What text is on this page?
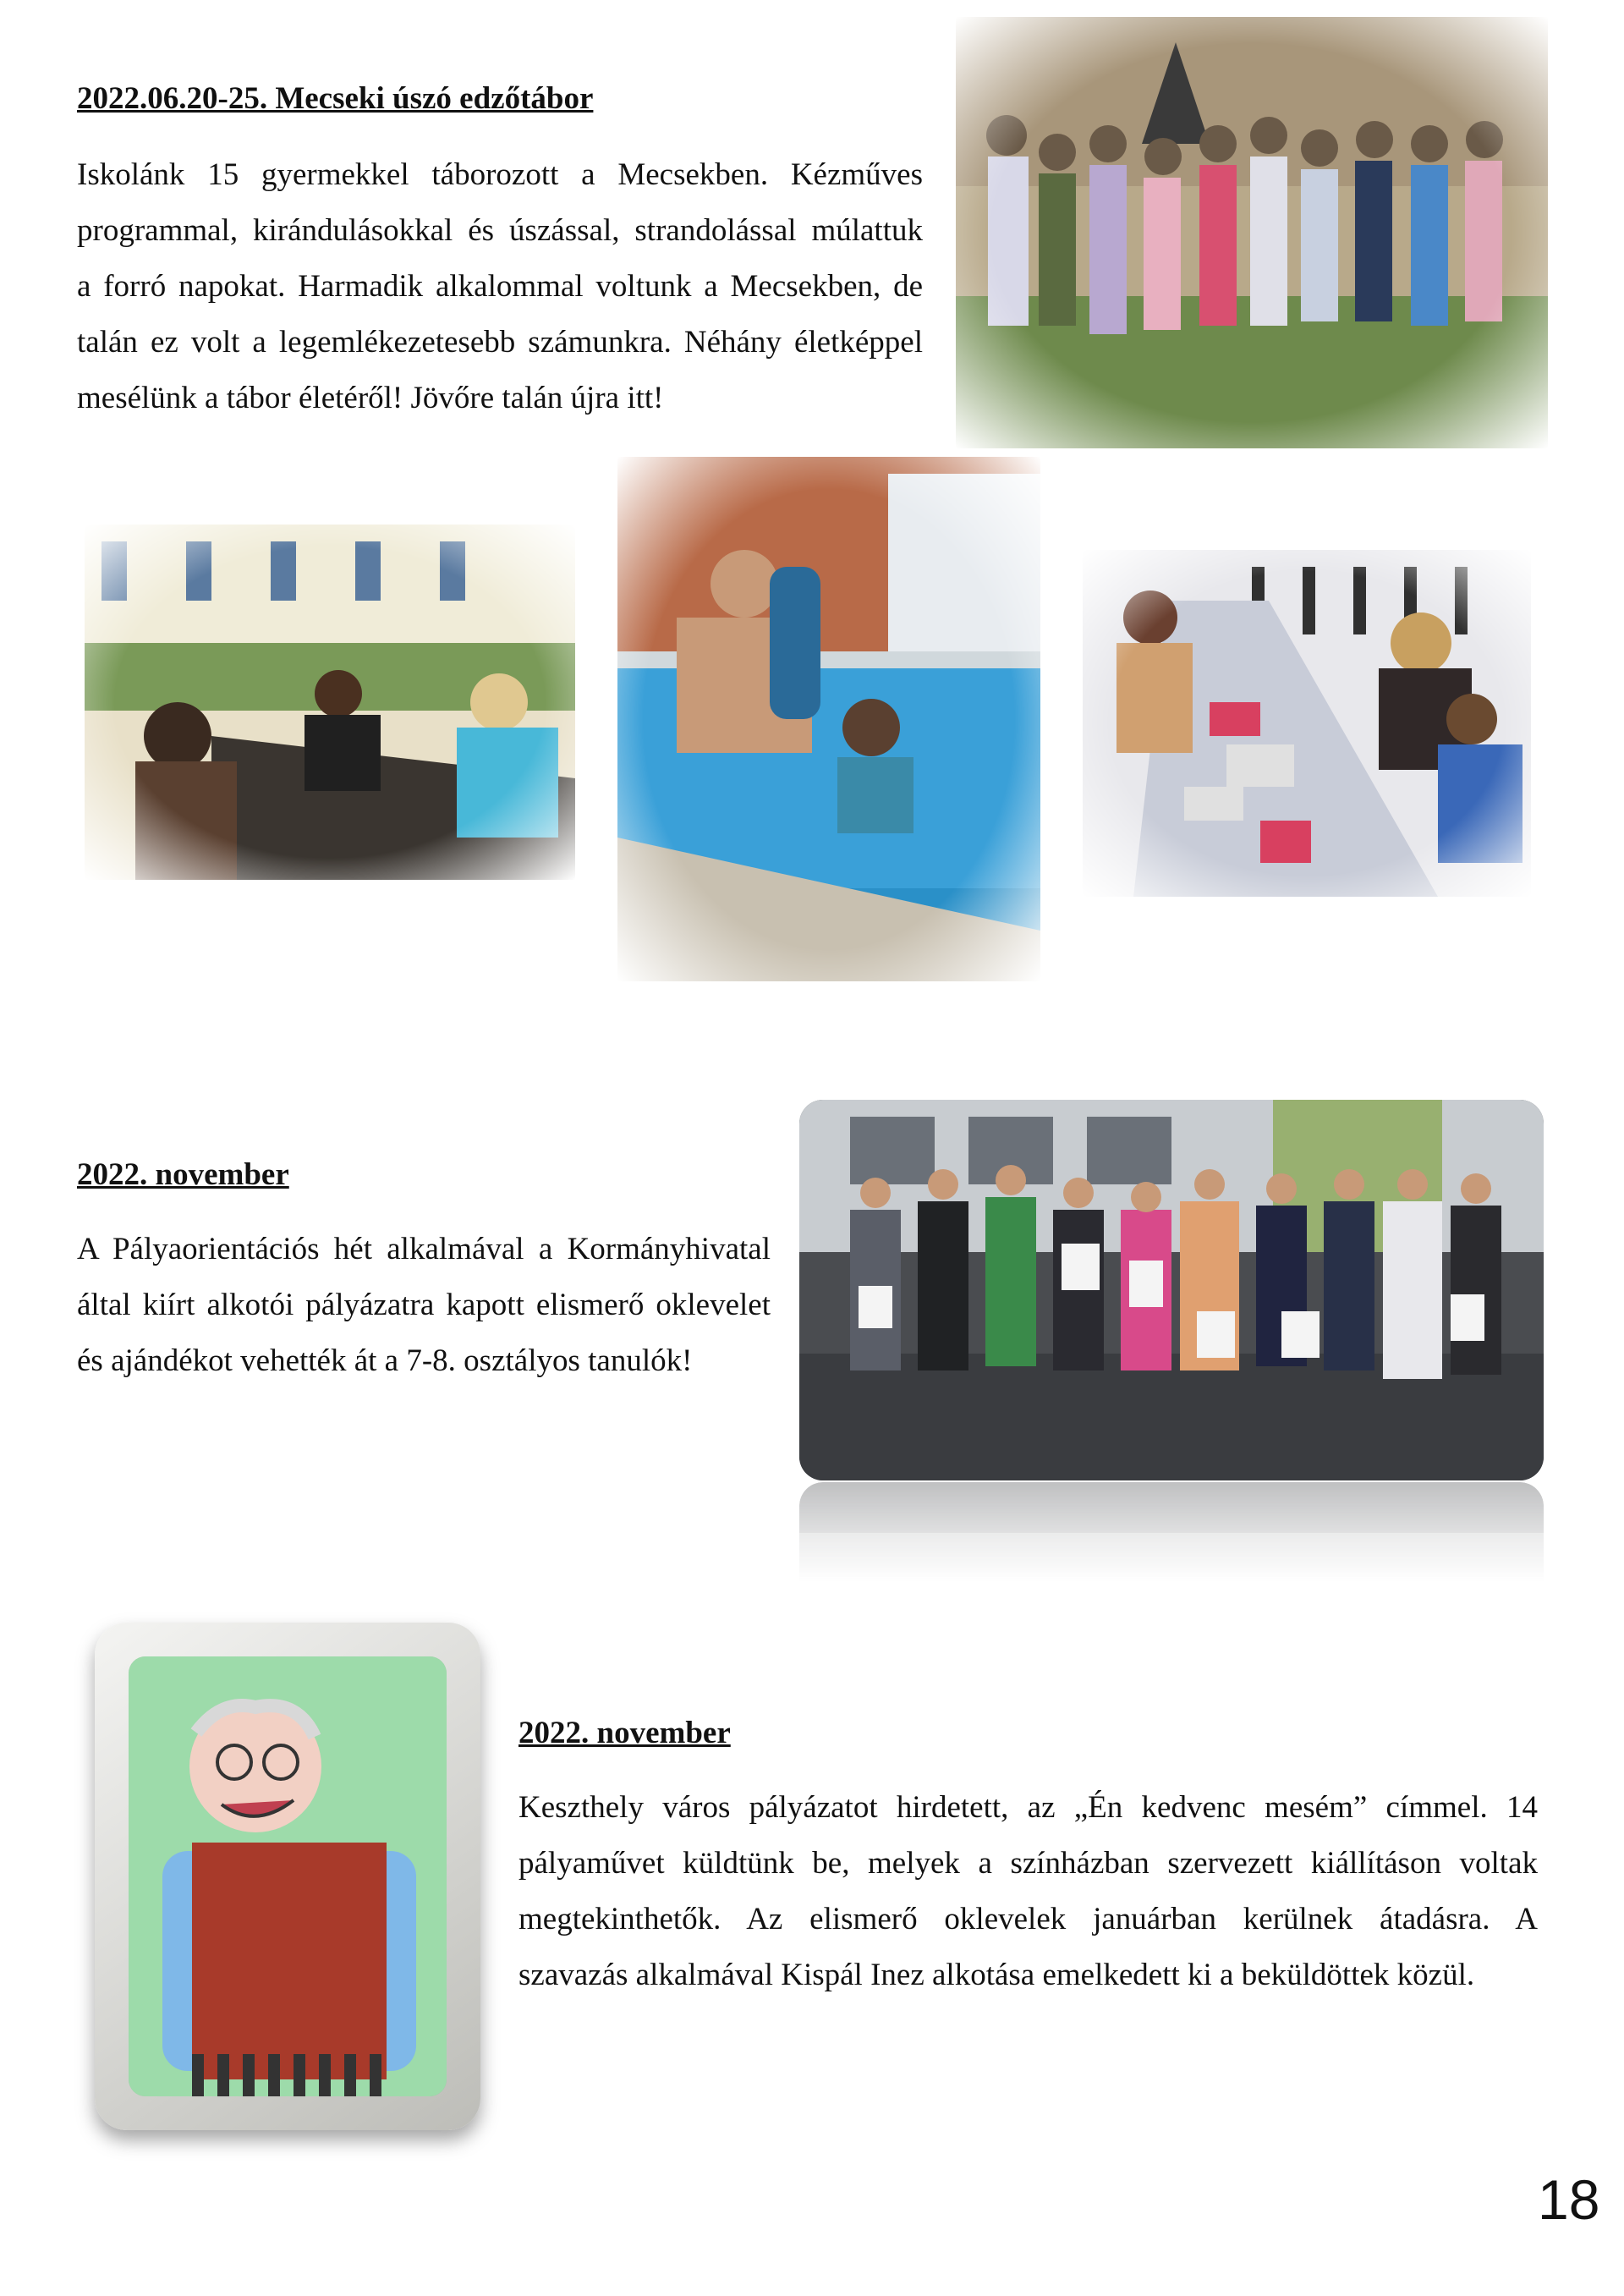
2022.06.20-25. Mecseki úszó edzőtábor
Iskolánk 15 gyermekkel táborozott a Mecsekben. Kézműves
programmal, kirándulásokkal és úszással, strandolással múlattuk
a forró napokat. Harmadik alkalommal voltunk a Mecsekben, de
talán ez volt a legemlékezetesebb számunkra. Néhány életképpel
mesélünk a tábor életéről! Jövőre talán újra itt!
2022. november
A Pályaorientációs hét alkalmával a Kormányhivatal
által kiírt alkotói pályázatra kapott elismerő oklevelet
és ajándékot vehették át a 7-8. osztályos tanulók!
2022. november
Keszthely város pályázatot hirdetett, az „Én kedvenc mesém” címmel. 14
pályaművet küldtünk be, melyek a színházban szervezett kiállításon voltak
megtekinthetők. Az elismerő oklevelek januárban kerülnek átadásra. A
szavazás alkalmával Kispál Inez alkotása emelkedett ki a beküldöttek közül.
18
